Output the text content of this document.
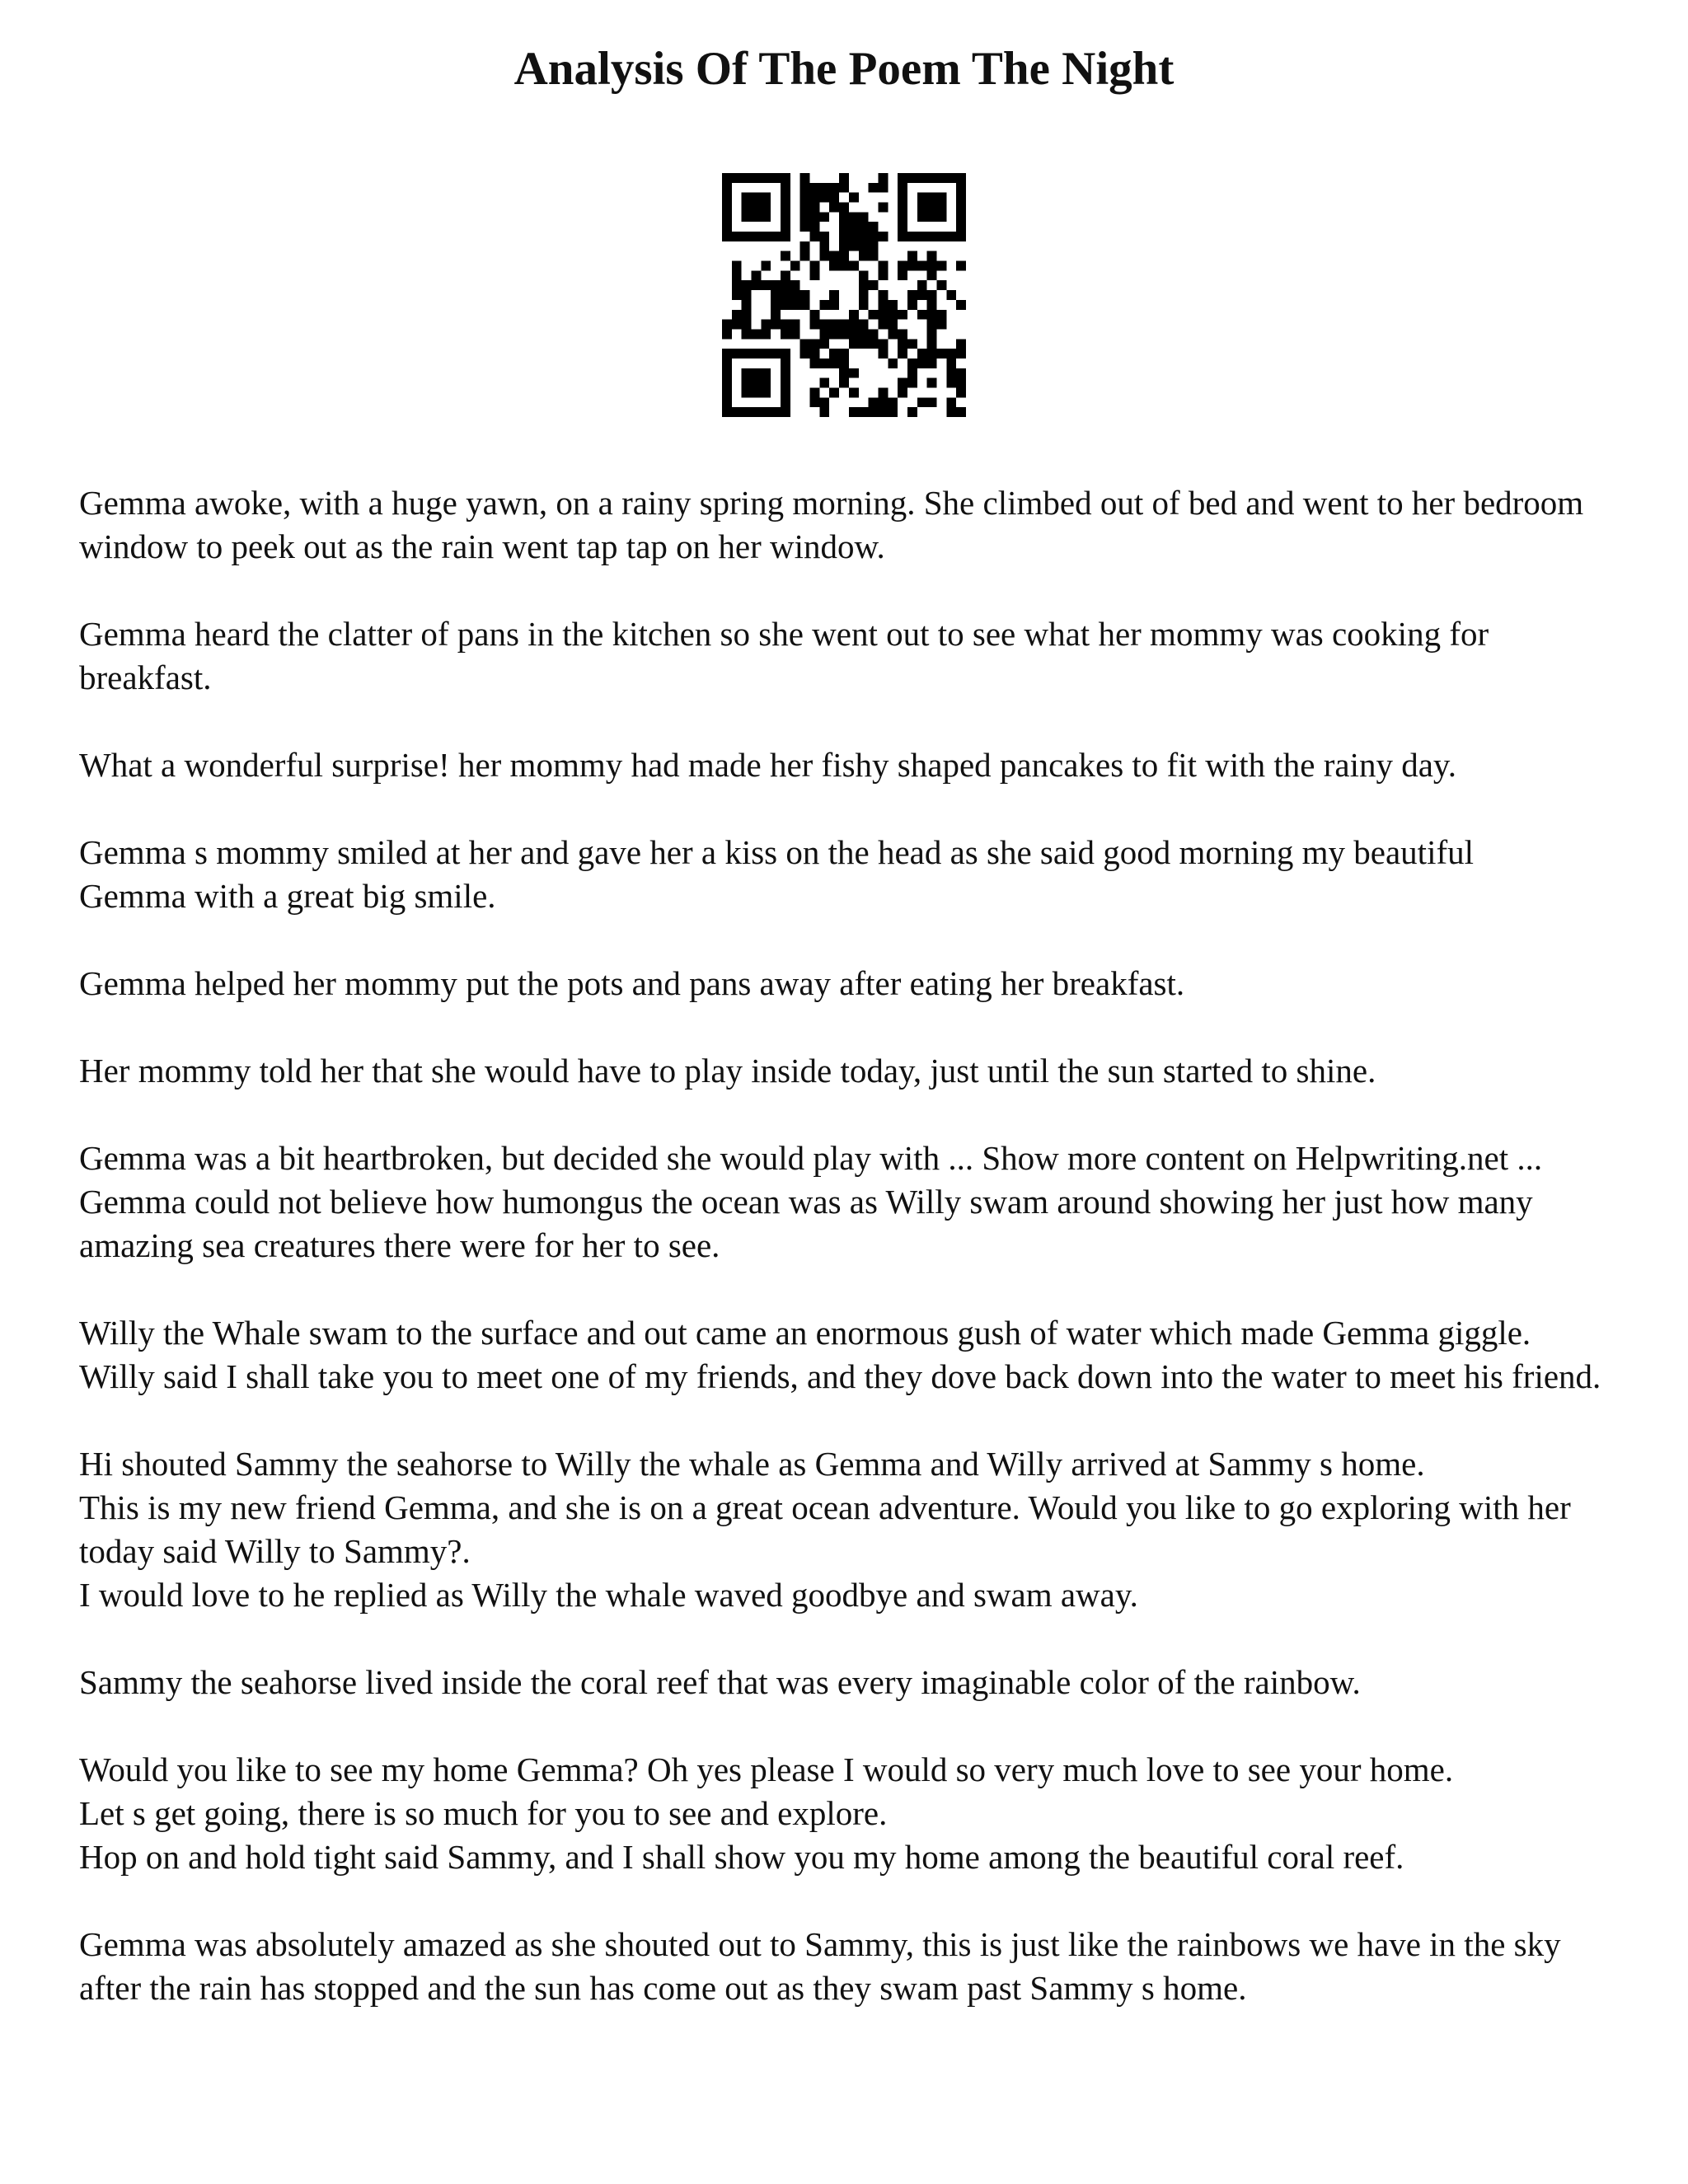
Analysis Of The Poem The Night

Gemma awoke, with a huge yawn, on a rainy spring morning. She climbed out of bed and went to her bedroom window to peek out as the rain went tap tap on her window.

Gemma heard the clatter of pans in the kitchen so she went out to see what her mommy was cooking for breakfast.

What a wonderful surprise! her mommy had made her fishy shaped pancakes to fit with the rainy day.

Gemma s mommy smiled at her and gave her a kiss on the head as she said good morning my beautiful
Gemma with a great big smile.

Gemma helped her mommy put the pots and pans away after eating her breakfast.

Her mommy told her that she would have to play inside today, just until the sun started to shine.

Gemma was a bit heartbroken, but decided she would play with ... Show more content on Helpwriting.net ...
Gemma could not believe how humongus the ocean was as Willy swam around showing her just how many amazing sea creatures there were for her to see.

Willy the Whale swam to the surface and out came an enormous gush of water which made Gemma giggle.
Willy said I shall take you to meet one of my friends, and they dove back down into the water to meet his friend.

Hi shouted Sammy the seahorse to Willy the whale as Gemma and Willy arrived at Sammy s home.
This is my new friend Gemma, and she is on a great ocean adventure. Would you like to go exploring with her today said Willy to Sammy?.
I would love to he replied as Willy the whale waved goodbye and swam away.

Sammy the seahorse lived inside the coral reef that was every imaginable color of the rainbow.

Would you like to see my home Gemma? Oh yes please I would so very much love to see your home.
Let s get going, there is so much for you to see and explore.
Hop on and hold tight said Sammy, and I shall show you my home among the beautiful coral reef.

Gemma was absolutely amazed as she shouted out to Sammy, this is just like the rainbows we have in the sky after the rain has stopped and the sun has come out as they swam past Sammy s home.
